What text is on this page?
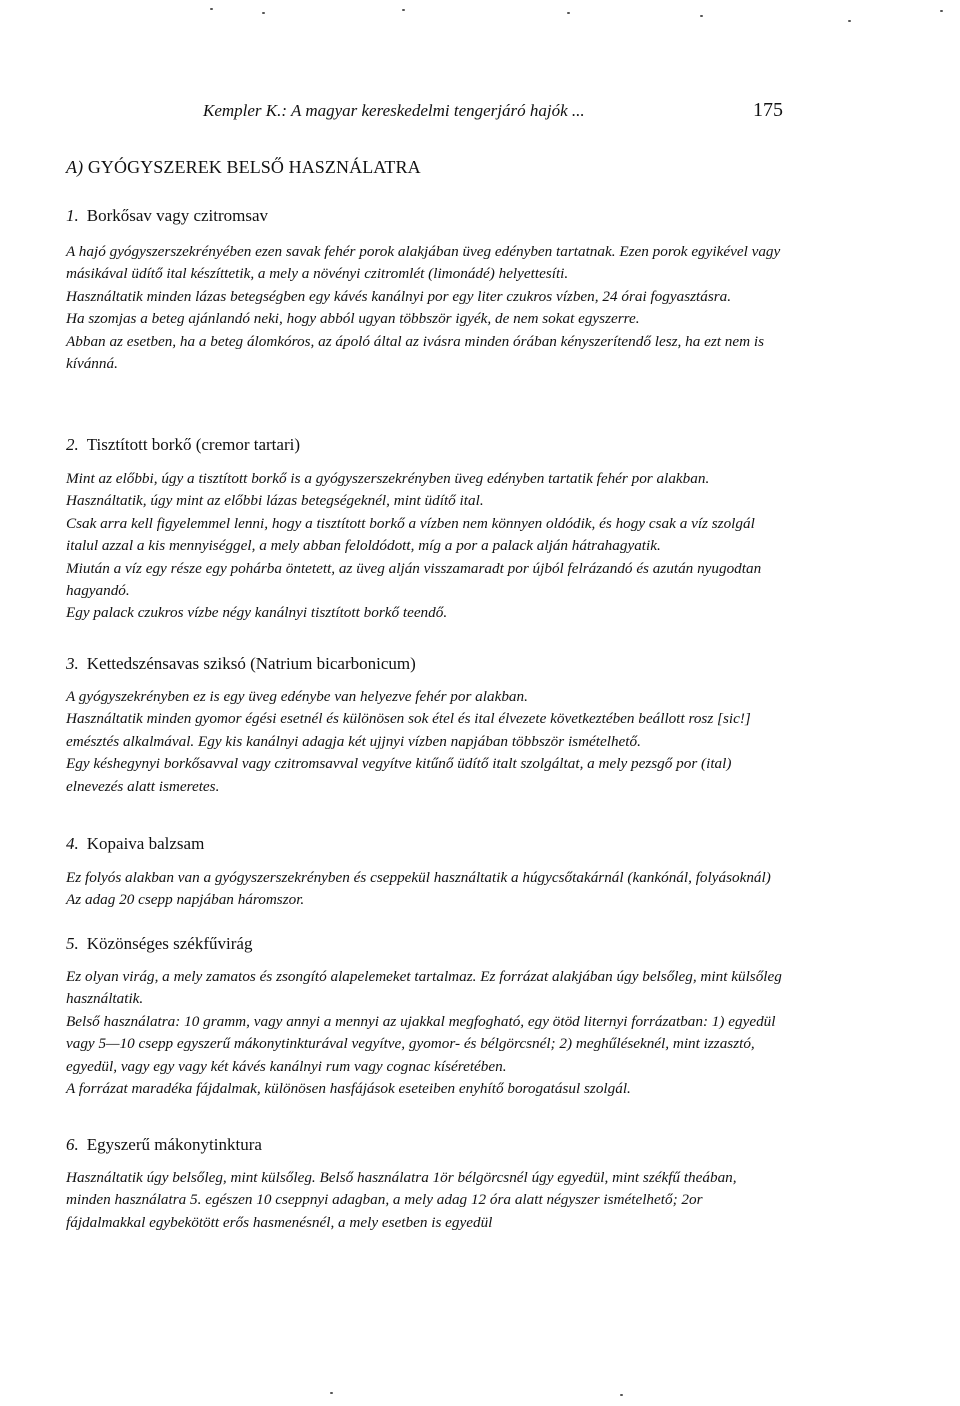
Kempler K.: A magyar kereskedelmi tengerjáró hajók ...	175
A) GYÓGYSZEREK BELSŐ HASZNÁLATRA
1. Borkősav vagy czitromsav

A hajó gyógyszerszekrényében ezen savak fehér porok alakjában üveg edényben tartatnak. Ezen porok egyikével vagy másikával üdítő ital készíttetik, a mely a növényi czitromlét (limonádé) helyettesíti.

Használtatik minden lázas betegségben egy kávés kanálnyi por egy liter czukros vízben, 24 órai fogyasztásra.

Ha szomjas a beteg ajánlandó neki, hogy abból ugyan többször igyék, de nem sokat egyszerre.

Abban az esetben, ha a beteg álomkóros, az ápoló által az ivásra minden órában kényszerítendő lesz, ha ezt nem is kívánná.

2. Tisztított borkő (cremor tartari)

Mint az előbbi, úgy a tisztított borkő is a gyógyszerszekrényben üveg edényben tartatik fehér por alakban. Használtatik, úgy mint az előbbi lázas betegségeknél, mint üdítő ital.

Csak arra kell figyelemmel lenni, hogy a tisztított borkő a vízben nem könnyen oldódik, és hogy csak a víz szolgál italul azzal a kis mennyiséggel, a mely abban feloldódott, míg a por a palack alján hátrahagyatik.

Miután a víz egy része egy pohárba öntetett, az üveg alján visszamaradt por újból felrázandó és azután nyugodtan hagyandó.

Egy palack czukros vízbe négy kanálnyi tisztított borkő teendő.

3. Kettedszénsavas sziksó (Natrium bicarbonicum)

A gyógyszekrényben ez is egy üveg edénybe van helyezve fehér por alakban.

Használtatik minden gyomor égési esetnél és különösen sok étel és ital élvezete következtében beállott rosz [sic!] emésztés alkalmával. Egy kis kanálnyi adagja két ujjnyi vízben napjában többször ismételhető.

Egy késhegynyi borkősavval vagy czitromsavval vegyítve kitűnő üdítő italt szolgáltat, a mely pezsgő por (ital) elnevezés alatt ismeretes.

4. Kopaiva balzsam

Ez folyós alakban van a gyógyszerszekrényben és cseppekül használtatik a húgycsőtakárnál (kankónál, folyásoknál) Az adag 20 csepp napjában háromszor.

5. Közönséges székfűvirág

Ez olyan virág, a mely zamatos és zsongító alapelemeket tartalmaz. Ez forrázat alakjában úgy belsőleg, mint külsőleg használtatik.

Belső használatra: 10 gramm, vagy annyi a mennyi az ujakkal megfogható, egy ötöd liternyi forrázatban: 1) egyedül vagy 5—10 csepp egyszerű mákonytinkturával vegyítve, gyomor- és bélgörcsnél; 2) meghűléseknél, mint izzasztó, egyedül, vagy egy vagy két kávés kanálnyi rum vagy cognac kíséretében.

A forrázat maradéka fájdalmak, különösen hasfájások eseteiben enyhítő borogatásul szolgál.

6. Egyszerű mákonytinktura

Használtatik úgy belsőleg, mint külsőleg. Belső használatra 1ör bélgörcsnél úgy egyedül, mint székfű theában, minden használatra 5. egészen 10 cseppnyi adagban, a mely adag 12 óra alatt négyszer ismételhető; 2or fájdalmakkal egybekötött erős hasmenésnél, a mely esetben is egyedül
